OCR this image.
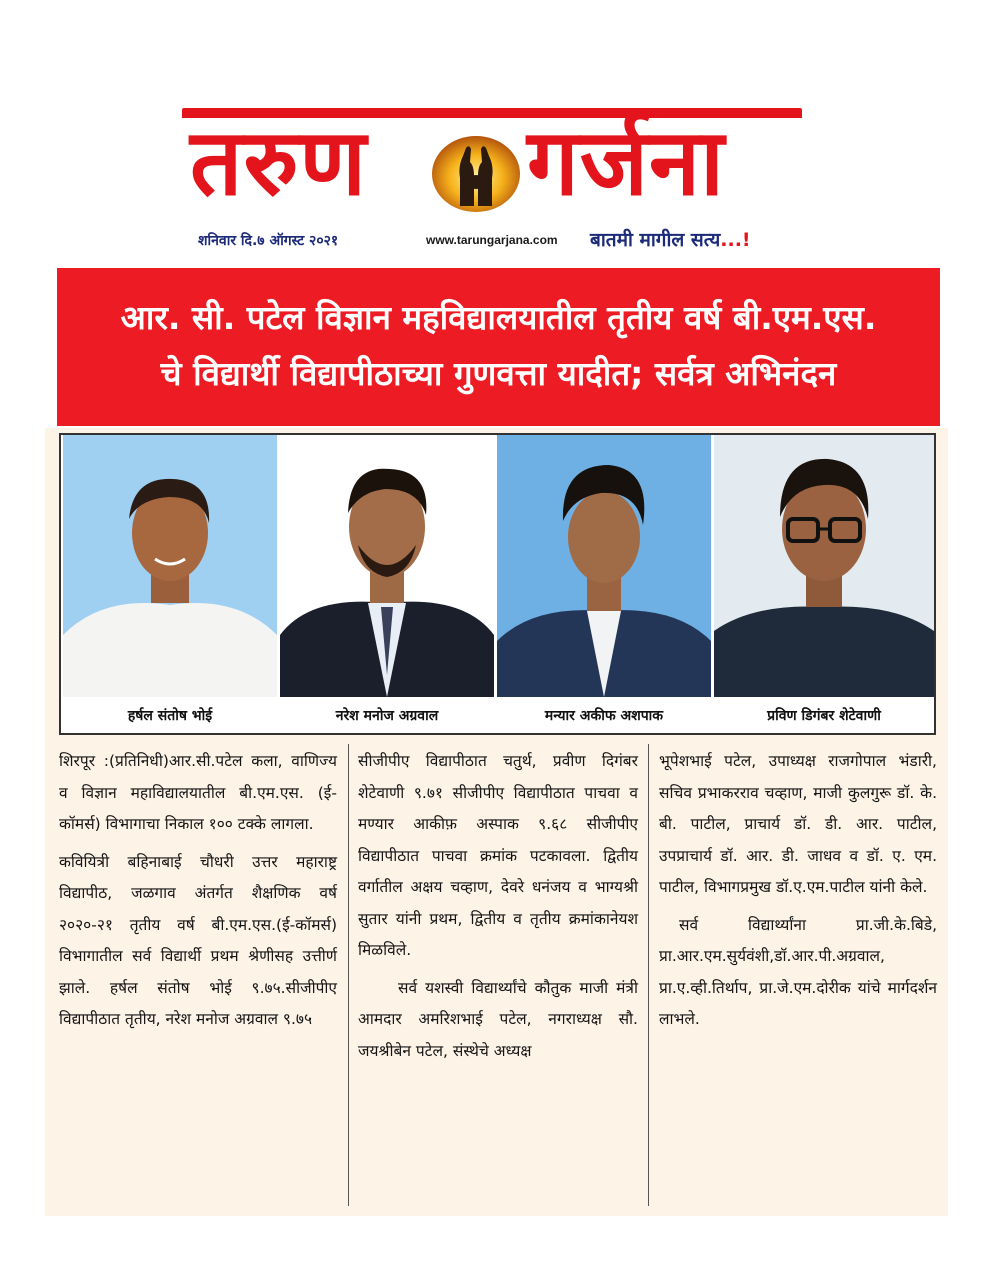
तरुण गर्जना
शनिवार दि.७ ऑगस्ट २०२१	www.tarungarjana.com बातमी मागील सत्य...!
आर. सी. पटेल विज्ञान महविद्यालयातील तृतीय वर्ष बी.एम.एस.
चे विद्यार्थी विद्यापीठाच्या गुणवत्ता यादीत; सर्वत्र अभिनंदन
हर्षल संतोष भोई	नरेश मनोज अग्रवाल	मन्यार अकीफ अशपाक	प्रविण डिगंबर शेटेवाणी

शिरपूर :(प्रतिनिधी)आर.सी.पटेल कला, वाणिज्य व विज्ञान महाविद्यालयातील बी.एम.एस. (ई-कॉमर्स) विभागाचा निकाल १०० टक्के लागला.

कवियित्री बहिनाबाई चौधरी उत्तर महाराष्ट्र विद्यापीठ, जळगाव अंतर्गत शैक्षणिक वर्ष २०२०-२१ तृतीय वर्ष बी.एम.एस.(ई-कॉमर्स) विभागातील सर्व विद्यार्थी प्रथम श्रेणीसह उत्तीर्ण झाले. हर्षल संतोष भोई ९.७५.सीजीपीए विद्यापीठात तृतीय, नरेश मनोज अग्रवाल ९.७५

सीजीपीए विद्यापीठात चतुर्थ, प्रवीण दिगंबर शेटेवाणी ९.७१ सीजीपीए विद्यापीठात पाचवा व मण्यार आकीफ़ अस्पाक ९.६८ सीजीपीए विद्यापीठात पाचवा क्रमांक पटकावला. द्वितीय वर्गातील अक्षय चव्हाण, देवरे धनंजय व भाग्यश्री सुतार यांनी प्रथम, द्वितीय व तृतीय क्रमांकानेयश मिळविले.

सर्व यशस्वी विद्यार्थ्यांचे कौतुक माजी मंत्री आमदार अमरिशभाई पटेल, नगराध्यक्ष सौ. जयश्रीबेन पटेल, संस्थेचे अध्यक्ष

भूपेशभाई पटेल, उपाध्यक्ष राजगोपाल भंडारी, सचिव प्रभाकरराव चव्हाण, माजी कुलगुरू डॉ. के. बी. पाटील, प्राचार्य डॉ. डी. आर. पाटील, उपप्राचार्य डॉ. आर. डी. जाधव व डॉ. ए. एम. पाटील, विभागप्रमुख डॉ.ए.एम.पाटील यांनी केले.

सर्व विद्यार्थ्यांना प्रा.जी.के.बिडे, प्रा.आर.एम.सुर्यवंशी,डॉ.आर.पी.अग्रवाल, प्रा.ए.व्ही.तिर्थाप, प्रा.जे.एम.दोरीक यांचे मार्गदर्शन लाभले.
